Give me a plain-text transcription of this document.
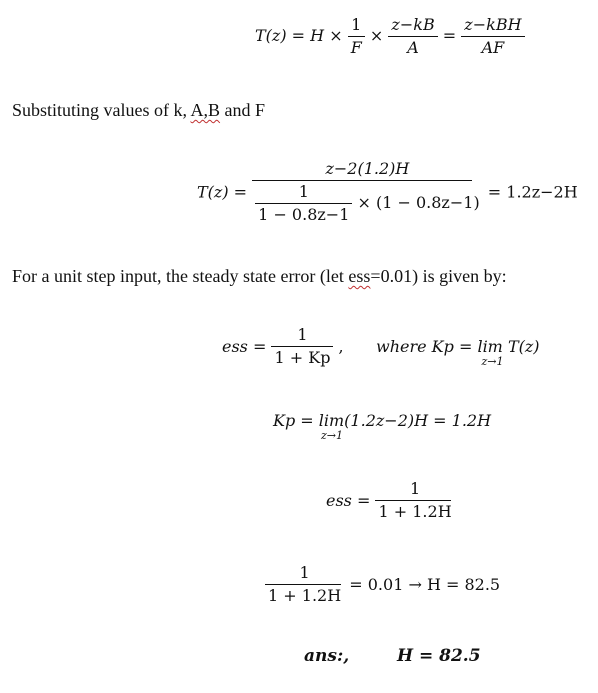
$T(z) = H \times \frac{1}{F} \times \frac{z-kB}{A} = \frac{\text{z−kBH}}{AF}$
Substituting values of k, A,B and F
$T(z) = \frac{z-2(1.2)H}{\frac{1}{1 - 0.8z-1} \times (1 - 0.8z-1)} = 1.2z-2H$
For a unit step input, the steady state error (let ess=0.01) is given by:
ess = $\frac{1}{1 + Kp}$ , where Kp = lim T(z)
z→1
Kp = lim(1.2z−2)H = 1.2H
z→1
ess = $\frac{1}{1 + 1.2H}$
$\frac{1}{1 + 1.2H} = 0.01 \to H = 82.5$
ans:,	H = 82.5
